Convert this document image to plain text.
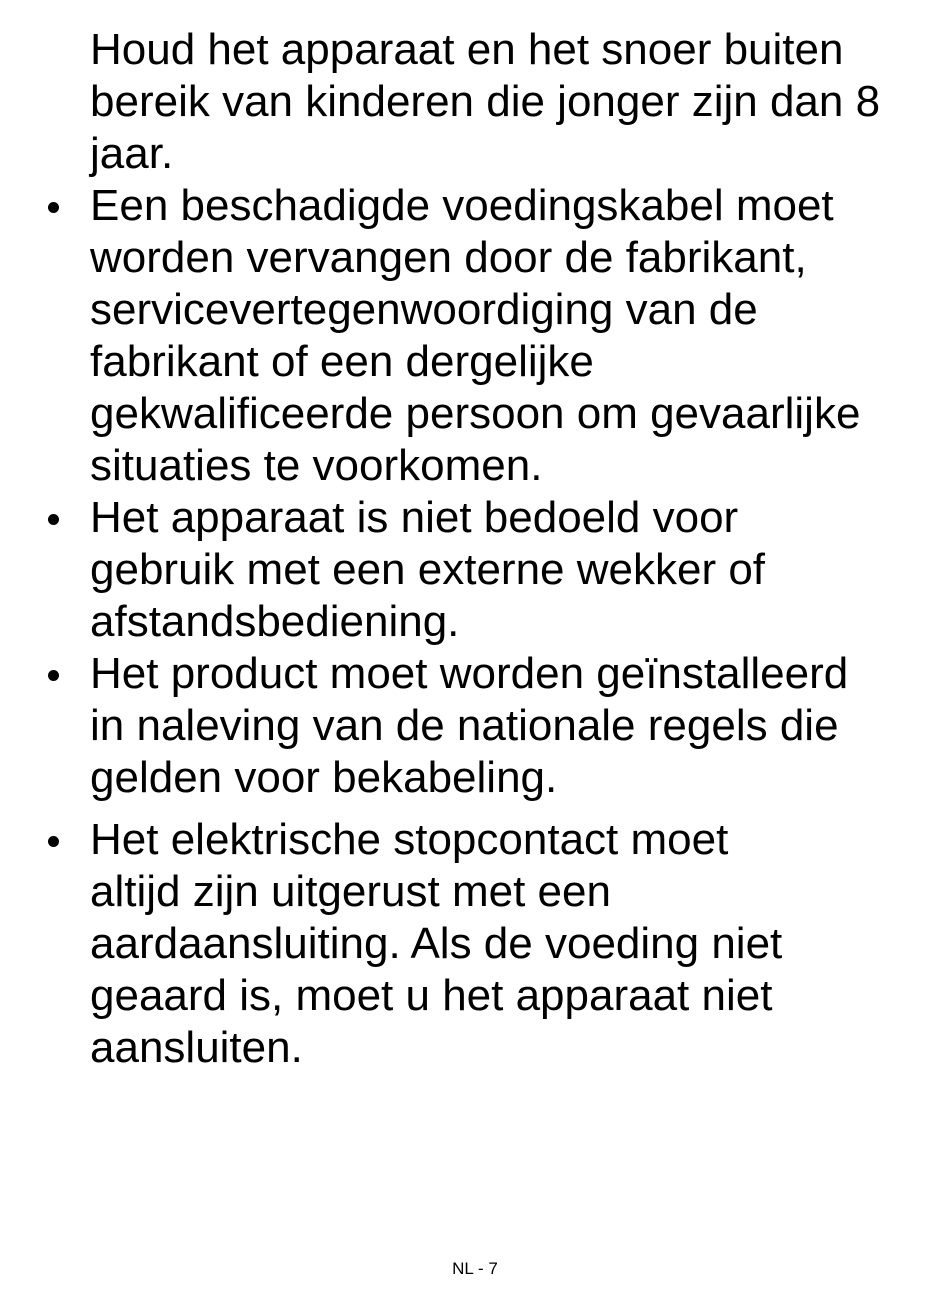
Houd het apparaat en het snoer buiten
bereik van kinderen die jonger zijn dan 8
jaar.

Een beschadigde voedingskabel moet
worden vervangen door de fabrikant,
servicevertegenwoordiging van de
fabrikant of een dergelijke
gekwalificeerde persoon om gevaarlijke
situaties te voorkomen.
Het apparaat is niet bedoeld voor
gebruik met een externe wekker of
afstandsbediening.
Het product moet worden geïnstalleerd
in naleving van de nationale regels die
gelden voor bekabeling.
Het elektrische stopcontact moet
altijd zijn uitgerust met een
aardaansluiting. Als de voeding niet
geaard is, moet u het apparaat niet
aansluiten.
NL - 7
